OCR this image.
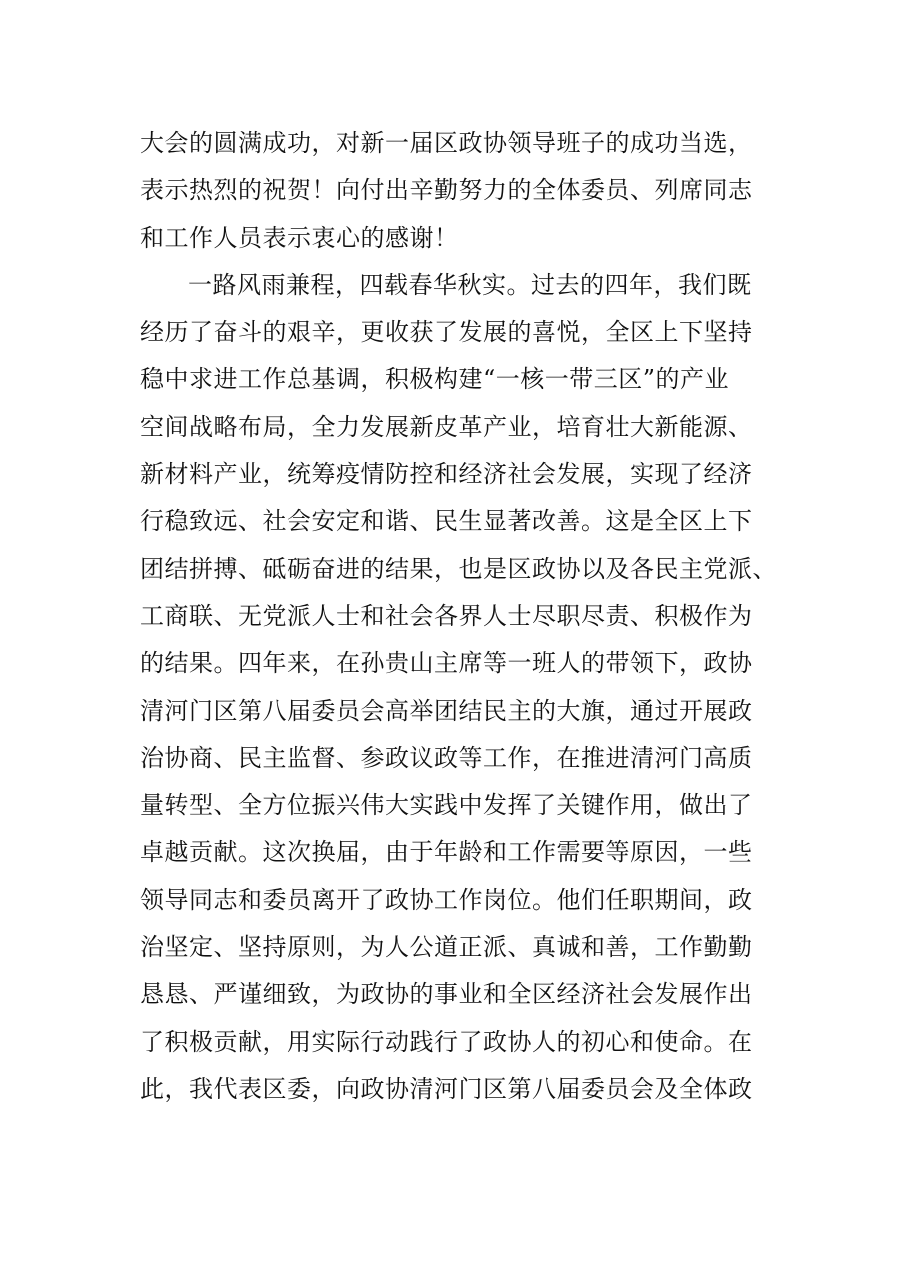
大会的圆满成功，对新一届区政协领导班子的成功当选，
表示热烈的祝贺！向付出辛勤努力的全体委员、列席同志
和工作人员表示衷心的感谢！
一路风雨兼程，四载春华秋实。过去的四年，我们既
经历了奋斗的艰辛，更收获了发展的喜悦，全区上下坚持
稳中求进工作总基调，积极构建“一核一带三区”的产业
空间战略布局，全力发展新皮革产业，培育壮大新能源、
新材料产业，统筹疫情防控和经济社会发展，实现了经济
行稳致远、社会安定和谐、民生显著改善。这是全区上下
团结拼搏、砥砺奋进的结果，也是区政协以及各民主党派、
工商联、无党派人士和社会各界人士尽职尽责、积极作为
的结果。四年来，在孙贵山主席等一班人的带领下，政协
清河门区第八届委员会高举团结民主的大旗，通过开展政
治协商、民主监督、参政议政等工作，在推进清河门高质
量转型、全方位振兴伟大实践中发挥了关键作用，做出了
卓越贡献。这次换届，由于年龄和工作需要等原因，一些
领导同志和委员离开了政协工作岗位。他们任职期间，政
治坚定、坚持原则，为人公道正派、真诚和善，工作勤勤
恳恳、严谨细致，为政协的事业和全区经济社会发展作出
了积极贡献，用实际行动践行了政协人的初心和使命。在
此，我代表区委，向政协清河门区第八届委员会及全体政
